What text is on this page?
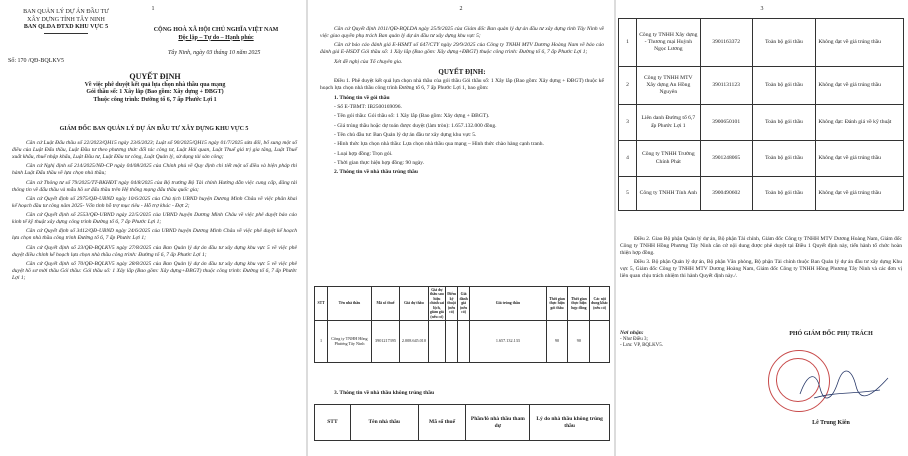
1
BAN QUẢN LÝ DỰ ÁN ĐẦU TƯ
XÂY DỰNG TỈNH TÂY NINH
BAN QLDA ĐTXD KHU VỰC 5	CỘNG HOÀ XÃ HỘI CHỦ NGHĨA VIỆT NAM
Độc lập – Tự do – Hạnh phúc
Số: 170 /QĐ-BQLKV5
Tây Ninh, ngày 03 tháng 10 năm 2025
QUYẾT ĐỊNH
Về việc phê duyệt kết quả lựa chọn nhà thầu qua mạng
Gói thầu số: 1 Xây lắp (Bao gồm: Xây dựng + ĐBGT)
Thuộc công trình: Đường tổ 6, 7 ấp Phước Lợi 1
GIÁM ĐỐC BAN QUẢN LÝ DỰ ÁN ĐẦU TƯ XÂY DỰNG KHU VỰC 5

Căn cứ Luật Đấu thầu số 22/2023/QH15 ngày 23/6/2023; Luật số 90/2025/QH15 ngày 01/7/2025 sửa đổi, bổ sung một số điều của Luật Đấu thầu, Luật Đầu tư theo phương thức đối tác công tư, Luật Hải quan, Luật Thuế giá trị gia tăng, Luật Thuế xuất khẩu, thuế nhập khẩu, Luật Đầu tư, Luật Đầu tư công, Luật Quản lý, sử dụng tài sản công;

Căn cứ Nghị định số 214/2025/NĐ-CP ngày 04/08/2025 của Chính phủ về Quy định chi tiết một số điều và biện pháp thi hành Luật Đấu thầu về lựa chọn nhà thầu;

Căn cứ Thông tư số 79/2025/TT-BKHĐT ngày 04/8/2025 của Bộ trưởng Bộ Tài chính Hướng dẫn việc cung cấp, đăng tải thông tin về đấu thầu và mẫu hồ sơ đấu thầu trên Hệ thống mạng đấu thầu quốc gia;

Căn cứ Quyết định số 2975/QĐ-UBND ngày 10/6/2025 của Chủ tịch UBND huyện Dương Minh Châu về việc phân khai kế hoạch đầu tư công năm 2025- Vốn tỉnh hỗ trợ mục tiêu - Hỗ trợ khác - Đợt 2;

Căn cứ Quyết định số 2553/QĐ-UBND ngày 22/5/2025 của UBND huyện Dương Minh Châu về việc phê duyệt báo cáo kinh tế kỹ thuật xây dựng công trình Đường tổ 6, 7 ấp Phước Lợi 1;

Căn cứ Quyết định số 3412/QĐ-UBND ngày 24/6/2025 của UBND huyện Dương Minh Châu về việc phê duyệt kế hoạch lựa chọn nhà thầu công trình Đường tổ 6, 7 ấp Phước Lợi 1;

Căn cứ Quyết định số 23/QĐ-BQLKV5 ngày 27/8/2025 của Ban Quản lý dự án đầu tư xây dựng khu vực 5 về việc phê duyệt điều chỉnh kế hoạch lựa chọn nhà thầu công trình: Đường tổ 6, 7 ấp Phước Lợi 1;

Căn cứ Quyết định số 70/QĐ-BQLKV5 ngày 28/8/2025 của Ban Quản lý dự án đầu tư xây dựng khu vực 5 về việc phê duyệt hồ sơ mời thầu Gói thầu: Gói thầu số: 1 Xây lắp (Bao gồm: Xây dựng+ĐBGT) thuộc công trình: Đường tổ 6, 7 ấp Phước Lợi 1;

2

Căn cứ Quyết định 1011/QĐ-BQLDA ngày 25/9/2025 của Giám đốc Ban quản lý dự án đầu tư xây dựng tỉnh Tây Ninh về việc giao quyền phụ trách Ban quản lý dự án đầu tư xây dựng khu vực 5;

Căn cứ báo cáo đánh giá E-HSMT số 647/CTY ngày 29/9/2025 của Công ty TNHH MTV Dương Hoàng Nam về báo cáo đánh giá E-HSDT Gói thầu số: 1 Xây lắp (Bao gồm: Xây dựng+ĐBGT) thuộc công trình: Đường tổ 6, 7 ấp Phước Lợi 1;

Xét đề nghị của Tổ chuyên gia.

QUYẾT ĐỊNH:

Điều 1. Phê duyệt kết quả lựa chọn nhà thầu của gói thầu Gói thầu số: 1 Xây lắp (Bao gồm: Xây dựng + ĐBGT) thuộc kế hoạch lựa chọn nhà thầu công trình Đường tổ 6, 7 ấp Phước Lợi 1, bao gồm:

1. Thông tin về gói thầu

- Số E-TBMT: IB2500169096.

- Tên gói thầu: Gói thầu số: 1 Xây lắp (Bao gồm: Xây dựng + ĐBGT).

- Giá trúng thầu hoặc dự toán được duyệt (làm tròn): 1.657.132.000 đồng.

- Tên chủ đầu tư: Ban Quản lý dự án đầu tư xây dựng khu vực 5.

- Hình thức lựa chọn nhà thầu: Lựa chọn nhà thầu qua mạng – Hình thức chào hàng cạnh tranh.

- Loại hợp đồng: Trọn gói.

- Thời gian thực hiện hợp đồng: 90 ngày.

2. Thông tin về nhà thầu trúng thầu

STT	Tên nhà thầu	Mã số thuế	Giá dự thầu	Giá dự thầu sau hiệu chỉnh sai lệch, giảm giá (nếu có)	Điểm kỹ thuật (nếu có)	Giá đánh giá (nếu có)	Giá trúng thầu	Thời gian thực hiện gói thầu	Thời gian thực hiện hợp đồng	Các nội dung khác (nếu có)
1	Công ty TNHH Hồng Phương Tây Ninh	3901217395	2.008.645.010				1.657.132.133	90	90	
3. Thông tin về nhà thầu không trúng thầu
STT	Tên nhà thầu	Mã số thuế	Phần/lô nhà thầu tham dự	Lý do nhà thầu không trúng thầu
3
1	Công ty TNHH Xây dựng - Thương mại Huỳnh Ngọc Lương	3901163372	Toàn bộ gói thầu	Không đạt về giá trúng thầu
2	Công ty TNHH MTV Xây dựng An Hồng Nguyên	3901131123	Toàn bộ gói thầu	Không đạt về giá trúng thầu
3	Liên danh Đường tổ 6,7 ấp Phước Lợi 1	3900650101	Toàn bộ gói thầu	Không đạt: Đánh giá về kỹ thuật
4	Công ty TNHH Trường Chính Phát	3901248065	Toàn bộ gói thầu	Không đạt về giá trúng thầu
5	Công ty TNHH Tính Anh	3900490602	Toàn bộ gói thầu	Không đạt về giá trúng thầu

Điều 2. Giao Bộ phận Quản lý dự án, Bộ phận Tài chính, Giám đốc Công ty TNHH MTV Dương Hoàng Nam, Giám đốc Công ty TNHH Hồng Phương Tây Ninh căn cứ nội dung được phê duyệt tại Điều 1 Quyết định này, tiến hành tổ chức hoàn thiện hợp đồng.

Điều 3. Bộ phận Quản lý dự án, Bộ phận Văn phòng, Bộ phận Tài chính thuộc Ban Quản lý dự án đầu tư xây dựng Khu vực 5, Giám đốc Công ty TNHH MTV Dương Hoàng Nam, Giám đốc Công ty TNHH Hồng Phương Tây Ninh và các đơn vị liên quan chịu trách nhiệm thi hành Quyết định này./.

Nơi nhận:
- Như Điều 3;
- Lưu: VP, BQLKV5.
PHÓ GIÁM ĐỐC PHỤ TRÁCH
Lê Trung Kiên
